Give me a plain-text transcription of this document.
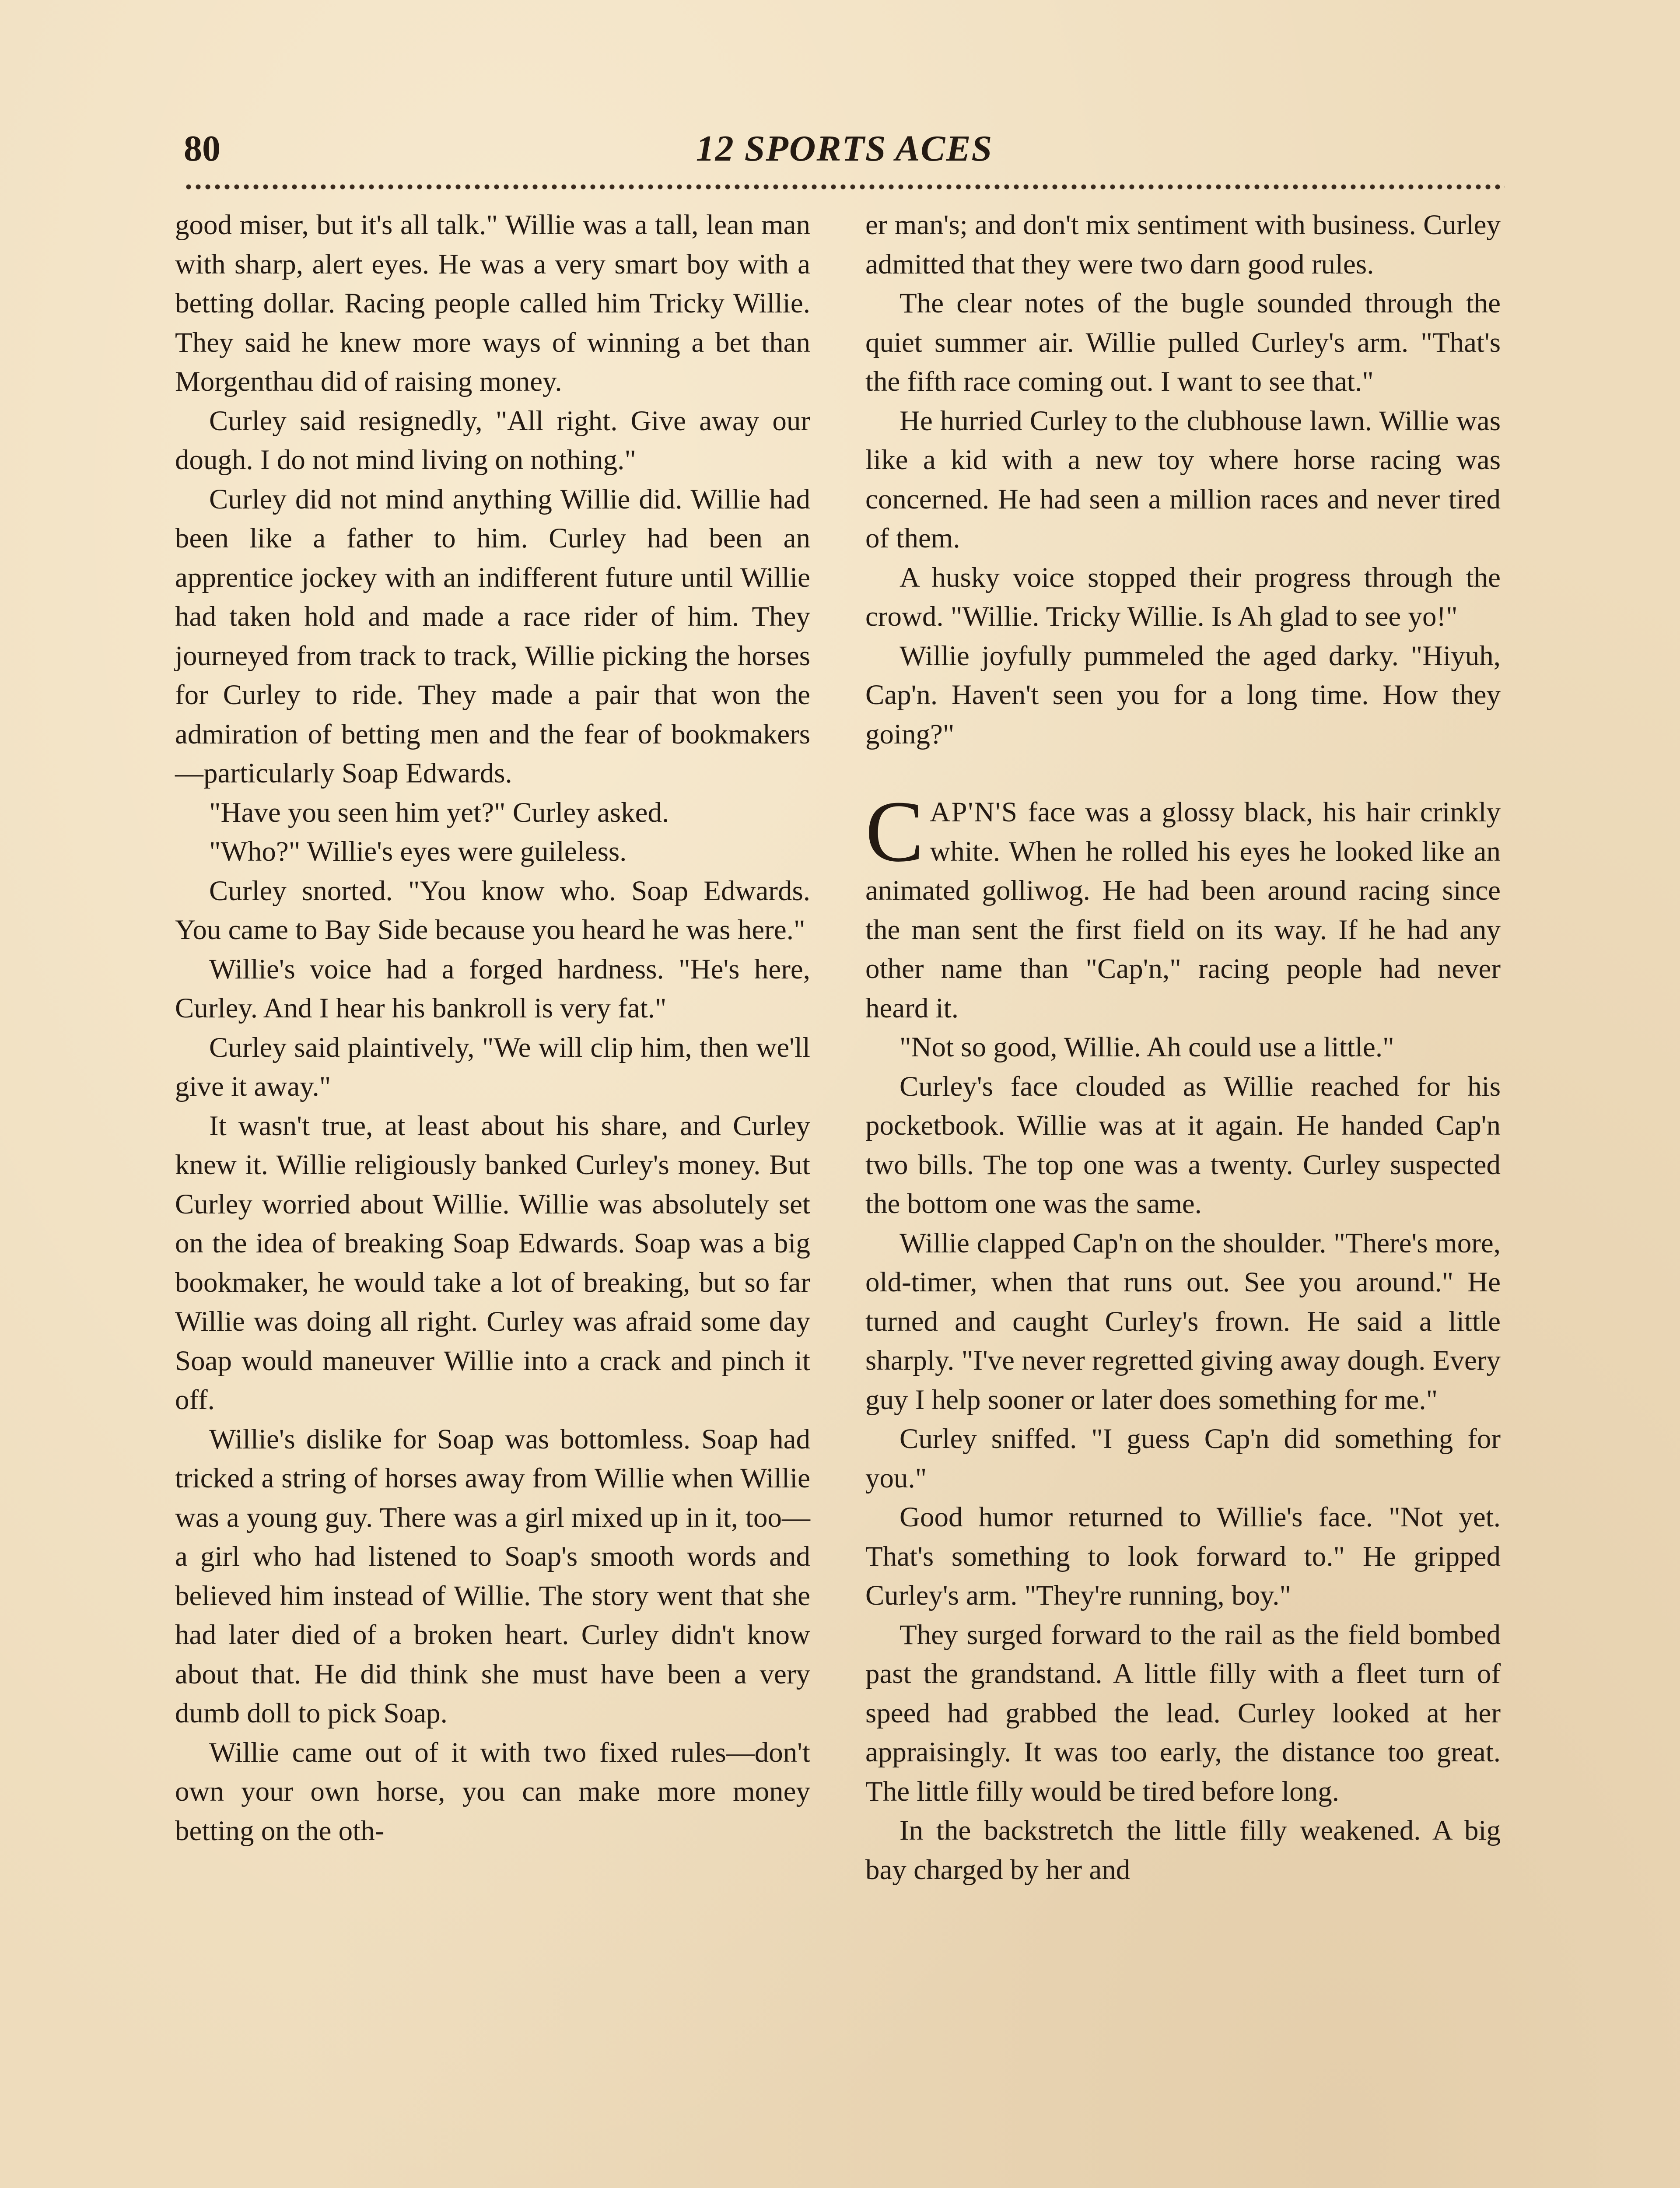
80	12 SPORTS ACES

good miser, but it's all talk." Willie was a tall, lean man with sharp, alert eyes. He was a very smart boy with a betting dollar. Racing people called him Tricky Willie. They said he knew more ways of winning a bet than Morgenthau did of raising money.

Curley said resignedly, "All right. Give away our dough. I do not mind living on nothing."

Curley did not mind anything Willie did. Willie had been like a father to him. Curley had been an apprentice jockey with an indifferent future until Willie had taken hold and made a race rider of him. They journeyed from track to track, Willie picking the horses for Curley to ride. They made a pair that won the admiration of betting men and the fear of bookmakers—particularly Soap Edwards.

"Have you seen him yet?" Curley asked.

"Who?" Willie's eyes were guileless.

Curley snorted. "You know who. Soap Edwards. You came to Bay Side because you heard he was here."

Willie's voice had a forged hardness. "He's here, Curley. And I hear his bankroll is very fat."

Curley said plaintively, "We will clip him, then we'll give it away."

It wasn't true, at least about his share, and Curley knew it. Willie religiously banked Curley's money. But Curley worried about Willie. Willie was absolutely set on the idea of breaking Soap Edwards. Soap was a big bookmaker, he would take a lot of breaking, but so far Willie was doing all right. Curley was afraid some day Soap would maneuver Willie into a crack and pinch it off.

Willie's dislike for Soap was bottomless. Soap had tricked a string of horses away from Willie when Willie was a young guy. There was a girl mixed up in it, too—a girl who had listened to Soap's smooth words and believed him instead of Willie. The story went that she had later died of a broken heart. Curley didn't know about that. He did think she must have been a very dumb doll to pick Soap.

Willie came out of it with two fixed rules—don't own your own horse, you can make more money betting on the oth-

er man's; and don't mix sentiment with business. Curley admitted that they were two darn good rules.

The clear notes of the bugle sounded through the quiet summer air. Willie pulled Curley's arm. "That's the fifth race coming out. I want to see that."

He hurried Curley to the clubhouse lawn. Willie was like a kid with a new toy where horse racing was concerned. He had seen a million races and never tired of them.

A husky voice stopped their progress through the crowd. "Willie. Tricky Willie. Is Ah glad to see yo!"

Willie joyfully pummeled the aged darky. "Hiyuh, Cap'n. Haven't seen you for a long time. How they going?"

CAP'N'S face was a glossy black, his hair crinkly white. When he rolled his eyes he looked like an animated golliwog. He had been around racing since the man sent the first field on its way. If he had any other name than "Cap'n," racing people had never heard it.

"Not so good, Willie. Ah could use a little."

Curley's face clouded as Willie reached for his pocketbook. Willie was at it again. He handed Cap'n two bills. The top one was a twenty. Curley suspected the bottom one was the same.

Willie clapped Cap'n on the shoulder. "There's more, old-timer, when that runs out. See you around." He turned and caught Curley's frown. He said a little sharply. "I've never regretted giving away dough. Every guy I help sooner or later does something for me."

Curley sniffed. "I guess Cap'n did something for you."

Good humor returned to Willie's face. "Not yet. That's something to look forward to." He gripped Curley's arm. "They're running, boy."

They surged forward to the rail as the field bombed past the grandstand. A little filly with a fleet turn of speed had grabbed the lead. Curley looked at her appraisingly. It was too early, the distance too great. The little filly would be tired before long.

In the backstretch the little filly weakened. A big bay charged by her and
